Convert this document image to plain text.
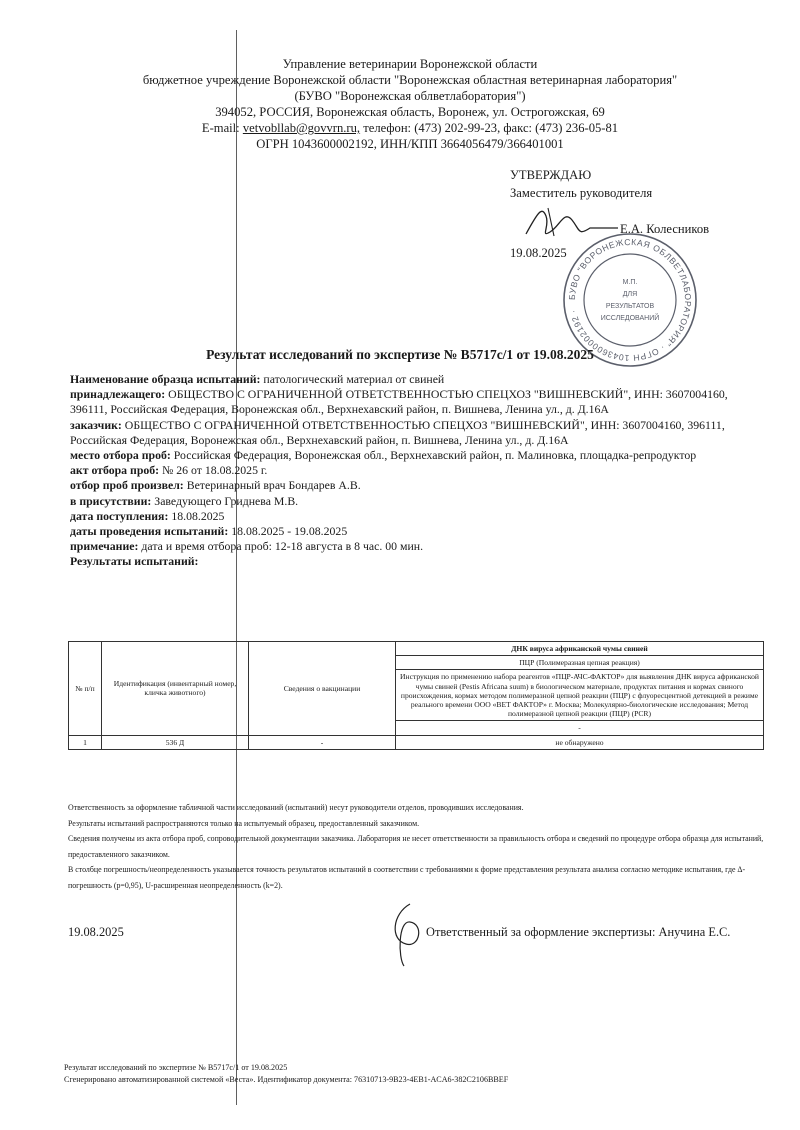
Управление ветеринарии Воронежской области
бюджетное учреждение Воронежской области "Воронежская областная ветеринарная лаборатория"
(БУВО "Воронежская облветлаборатория")
394052, РОССИЯ, Воронежская область, Воронеж, ул. Острогожская, 69
E-mail: vetvobllab@govvrn.ru, телефон: (473) 202-99-23, факс: (473) 236-05-81
ОГРН 1043600002192, ИНН/КПП 3664056479/366401001
УТВЕРЖДАЮ
Заместитель руководителя
Е.А. Колесников
19.08.2025
БУВО "ВОРОНЕЖСКАЯ ОБЛВЕТЛАБОРАТОРИЯ" · ОГРН 1043600002192 ·
М.П.
ДЛЯ
РЕЗУЛЬТАТОВ
ИССЛЕДОВАНИЙ
Результат исследований по экспертизе № В5717с/1 от 19.08.2025

Наименование образца испытаний: патологический материал от свиней

принадлежащего: ОБЩЕСТВО С ОГРАНИЧЕННОЙ ОТВЕТСТВЕННОСТЬЮ СПЕЦХОЗ "ВИШНЕВСКИЙ", ИНН: 3607004160, 396111, Российская Федерация, Воронежская обл., Верхнехавский район, п. Вишнева, Ленина ул., д. Д.16А

заказчик: ОБЩЕСТВО С ОГРАНИЧЕННОЙ ОТВЕТСТВЕННОСТЬЮ СПЕЦХОЗ "ВИШНЕВСКИЙ", ИНН: 3607004160, 396111, Российская Федерация, Воронежская обл., Верхнехавский район, п. Вишнева, Ленина ул., д. Д.16А

место отбора проб: Российская Федерация, Воронежская обл., Верхнехавский район, п. Малиновка, площадка-репродуктор

акт отбора проб: № 26 от 18.08.2025 г.

отбор проб произвел: Ветеринарный врач Бондарев А.В.

в присутствии: Заведующего Гриднева М.В.

дата поступления: 18.08.2025

даты проведения испытаний: 18.08.2025 - 19.08.2025

примечание: дата и время отбора проб: 12-18 августа в 8 час. 00 мин.

Результаты испытаний:

№ п/п	Идентификация (инвентарный номер, кличка животного)	Сведения о вакцинации	ДНК вируса африканской чумы свиней
			ПЦР (Полимеразная цепная реакция)
			Инструкция по применению набора реагентов «ПЦР-АЧС-ФАКТОР» для выявления ДНК вируса африканской чумы свиней (Pestis Africana suum) в биологическом материале, продуктах питания и кормах свиного происхождения, кормах методом полимеразной цепной реакции (ПЦР) с флуоресцентной детекцией в режиме реального времени ООО «ВЕТ ФАКТОР» г. Москва; Молекулярно-биологические исследования; Метод полимеразной цепной реакции (ПЦР) (PCR)
			-
1	536 Д	-	не обнаружено

Ответственность за оформление табличной части исследований (испытаний) несут руководители отделов, проводивших исследования.

Результаты испытаний распространяются только на испытуемый образец, предоставленный заказчиком.

Сведения получены из акта отбора проб, сопроводительной документации заказчика. Лаборатория не несет ответственности за правильность отбора и сведений по процедуре отбора образца для испытаний, предоставленного заказчиком.

В столбце погрешность/неопределенность указывается точность результатов испытаний в соответствии с требованиями к форме представления результата анализа согласно методике испытания, где Δ-погрешность (p=0,95), U-расширенная неопределенность (k=2).

19.08.2025	Ответственный за оформление экспертизы: Анучина Е.С.

Результат исследований по экспертизе № В5717с/1 от 19.08.2025

Сгенерировано автоматизированной системой «Веста». Идентификатор документа: 76310713-9B23-4EB1-ACA6-382C2106BBEF
